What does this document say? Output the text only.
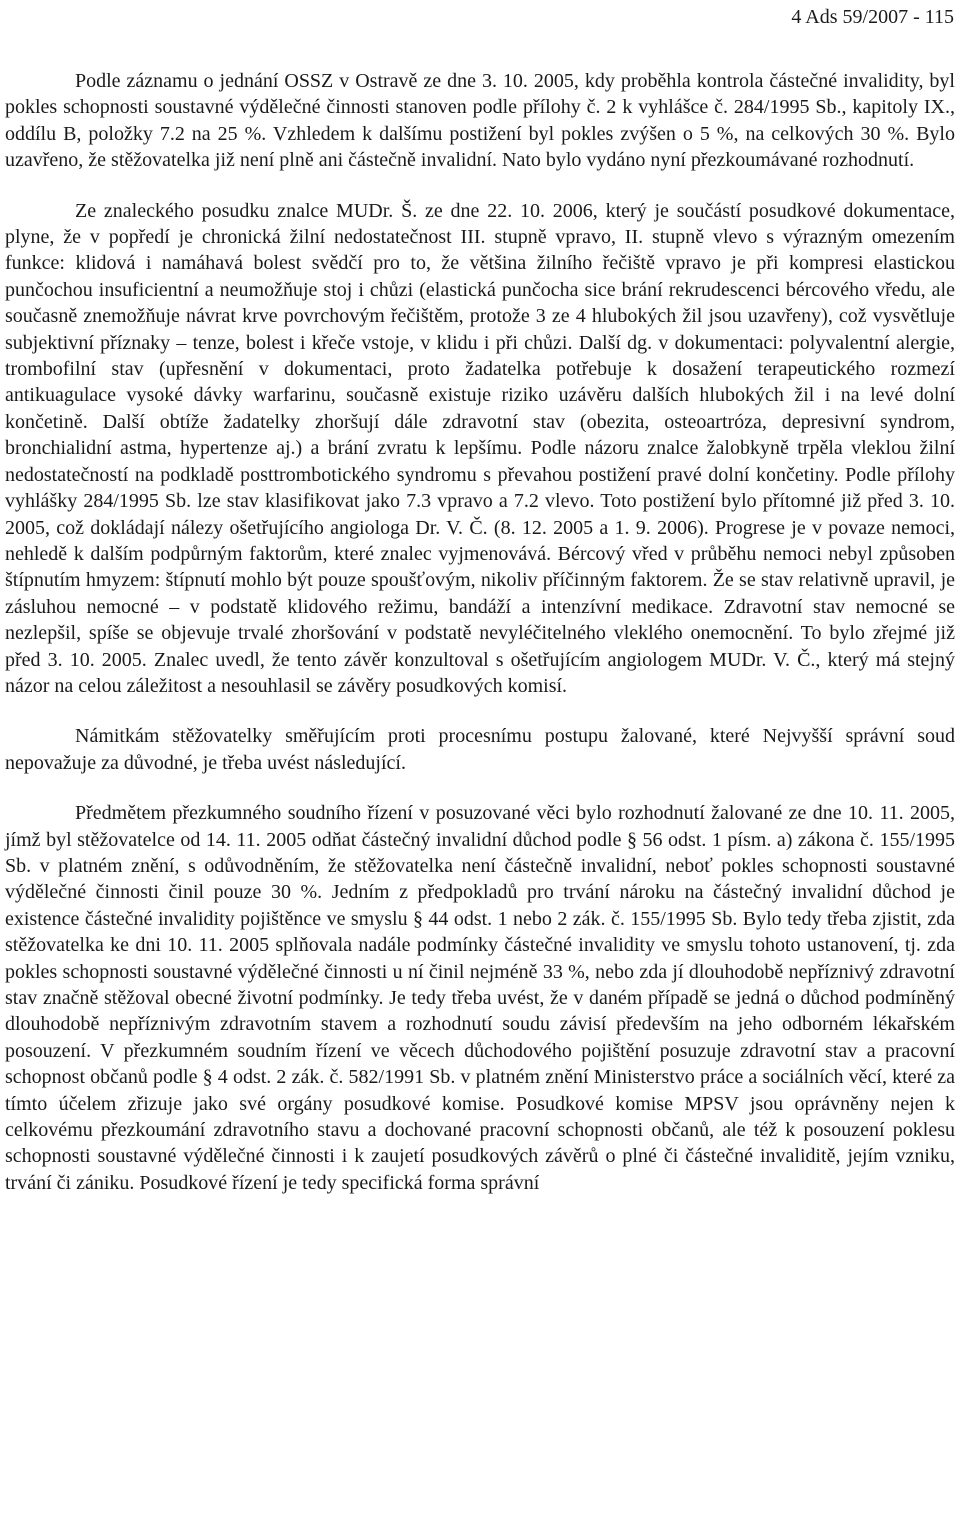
4 Ads 59/2007 - 115

Podle záznamu o jednání OSSZ v Ostravě ze dne 3. 10. 2005, kdy proběhla kontrola částečné invalidity, byl pokles schopnosti soustavné výdělečné činnosti stanoven podle přílohy č. 2 k vyhlášce č. 284/1995 Sb., kapitoly IX., oddílu B, položky 7.2 na 25 %. Vzhledem k dalšímu postižení byl pokles zvýšen o 5 %, na celkových 30 %. Bylo uzavřeno, že stěžovatelka již není plně ani částečně invalidní. Nato bylo vydáno nyní přezkoumávané rozhodnutí.

Ze znaleckého posudku znalce MUDr. Š. ze dne 22. 10. 2006, který je součástí posudkové dokumentace, plyne, že v popředí je chronická žilní nedostatečnost III. stupně vpravo, II. stupně vlevo s výrazným omezením funkce: klidová i namáhavá bolest svědčí pro to, že většina žilního řečiště vpravo je při kompresi elastickou punčochou insuficientní a neumožňuje stoj i chůzi (elastická punčocha sice brání rekrudescenci bércového vředu, ale současně znemožňuje návrat krve povrchovým řečištěm, protože 3 ze 4 hlubokých žil jsou uzavřeny), což vysvětluje subjektivní příznaky – tenze, bolest i křeče vstoje, v klidu i při chůzi. Další dg. v dokumentaci: polyvalentní alergie, trombofilní stav (upřesnění v dokumentaci, proto žadatelka potřebuje k dosažení terapeutického rozmezí antikuagulace vysoké dávky warfarinu, současně existuje riziko uzávěru dalších hlubokých žil i na levé dolní končetině. Další obtíže žadatelky zhoršují dále zdravotní stav (obezita, osteoartróza, depresivní syndrom, bronchialidní astma, hypertenze aj.) a brání zvratu k lepšímu. Podle názoru znalce žalobkyně trpěla vleklou žilní nedostatečností na podkladě posttrombotického syndromu s převahou postižení pravé dolní končetiny. Podle přílohy vyhlášky 284/1995 Sb. lze stav klasifikovat jako 7.3 vpravo a 7.2 vlevo. Toto postižení bylo přítomné již před 3. 10. 2005, což dokládají nálezy ošetřujícího angiologa Dr. V. Č. (8. 12. 2005 a 1. 9. 2006). Progrese je v povaze nemoci, nehledě k dalším podpůrným faktorům, které znalec vyjmenovává. Bércový vřed v průběhu nemoci nebyl způsoben štípnutím hmyzem: štípnutí mohlo být pouze spoušťovým, nikoliv příčinným faktorem. Že se stav relativně upravil, je zásluhou nemocné – v podstatě klidového režimu, bandáží a intenzívní medikace. Zdravotní stav nemocné se nezlepšil, spíše se objevuje trvalé zhoršování v podstatě nevyléčitelného vleklého onemocnění. To bylo zřejmé již před 3. 10. 2005. Znalec uvedl, že tento závěr konzultoval s ošetřujícím angiologem MUDr. V. Č., který má stejný názor na celou záležitost a nesouhlasil se závěry posudkových komisí.

Námitkám stěžovatelky směřujícím proti procesnímu postupu žalované, které Nejvyšší správní soud nepovažuje za důvodné, je třeba uvést následující.

Předmětem přezkumného soudního řízení v posuzované věci bylo rozhodnutí žalované ze dne 10. 11. 2005, jímž byl stěžovatelce od 14. 11. 2005 odňat částečný invalidní důchod podle § 56 odst. 1 písm. a) zákona č. 155/1995 Sb. v platném znění, s odůvodněním, že stěžovatelka není částečně invalidní, neboť pokles schopnosti soustavné výdělečné činnosti činil pouze 30 %. Jedním z předpokladů pro trvání nároku na částečný invalidní důchod je existence částečné invalidity pojištěnce ve smyslu § 44 odst. 1 nebo 2 zák. č. 155/1995 Sb. Bylo tedy třeba zjistit, zda stěžovatelka ke dni 10. 11. 2005 splňovala nadále podmínky částečné invalidity ve smyslu tohoto ustanovení, tj. zda pokles schopnosti soustavné výdělečné činnosti u ní činil nejméně 33 %, nebo zda jí dlouhodobě nepříznivý zdravotní stav značně stěžoval obecné životní podmínky. Je tedy třeba uvést, že v daném případě se jedná o důchod podmíněný dlouhodobě nepříznivým zdravotním stavem a rozhodnutí soudu závisí především na jeho odborném lékařském posouzení. V přezkumném soudním řízení ve věcech důchodového pojištění posuzuje zdravotní stav a pracovní schopnost občanů podle § 4 odst. 2 zák. č. 582/1991 Sb. v platném znění Ministerstvo práce a sociálních věcí, které za tímto účelem zřizuje jako své orgány posudkové komise. Posudkové komise MPSV jsou oprávněny nejen k celkovému přezkoumání zdravotního stavu a dochované pracovní schopnosti občanů, ale též k posouzení poklesu schopnosti soustavné výdělečné činnosti i k zaujetí posudkových závěrů o plné či částečné invaliditě, jejím vzniku, trvání či zániku. Posudkové řízení je tedy specifická forma správní
